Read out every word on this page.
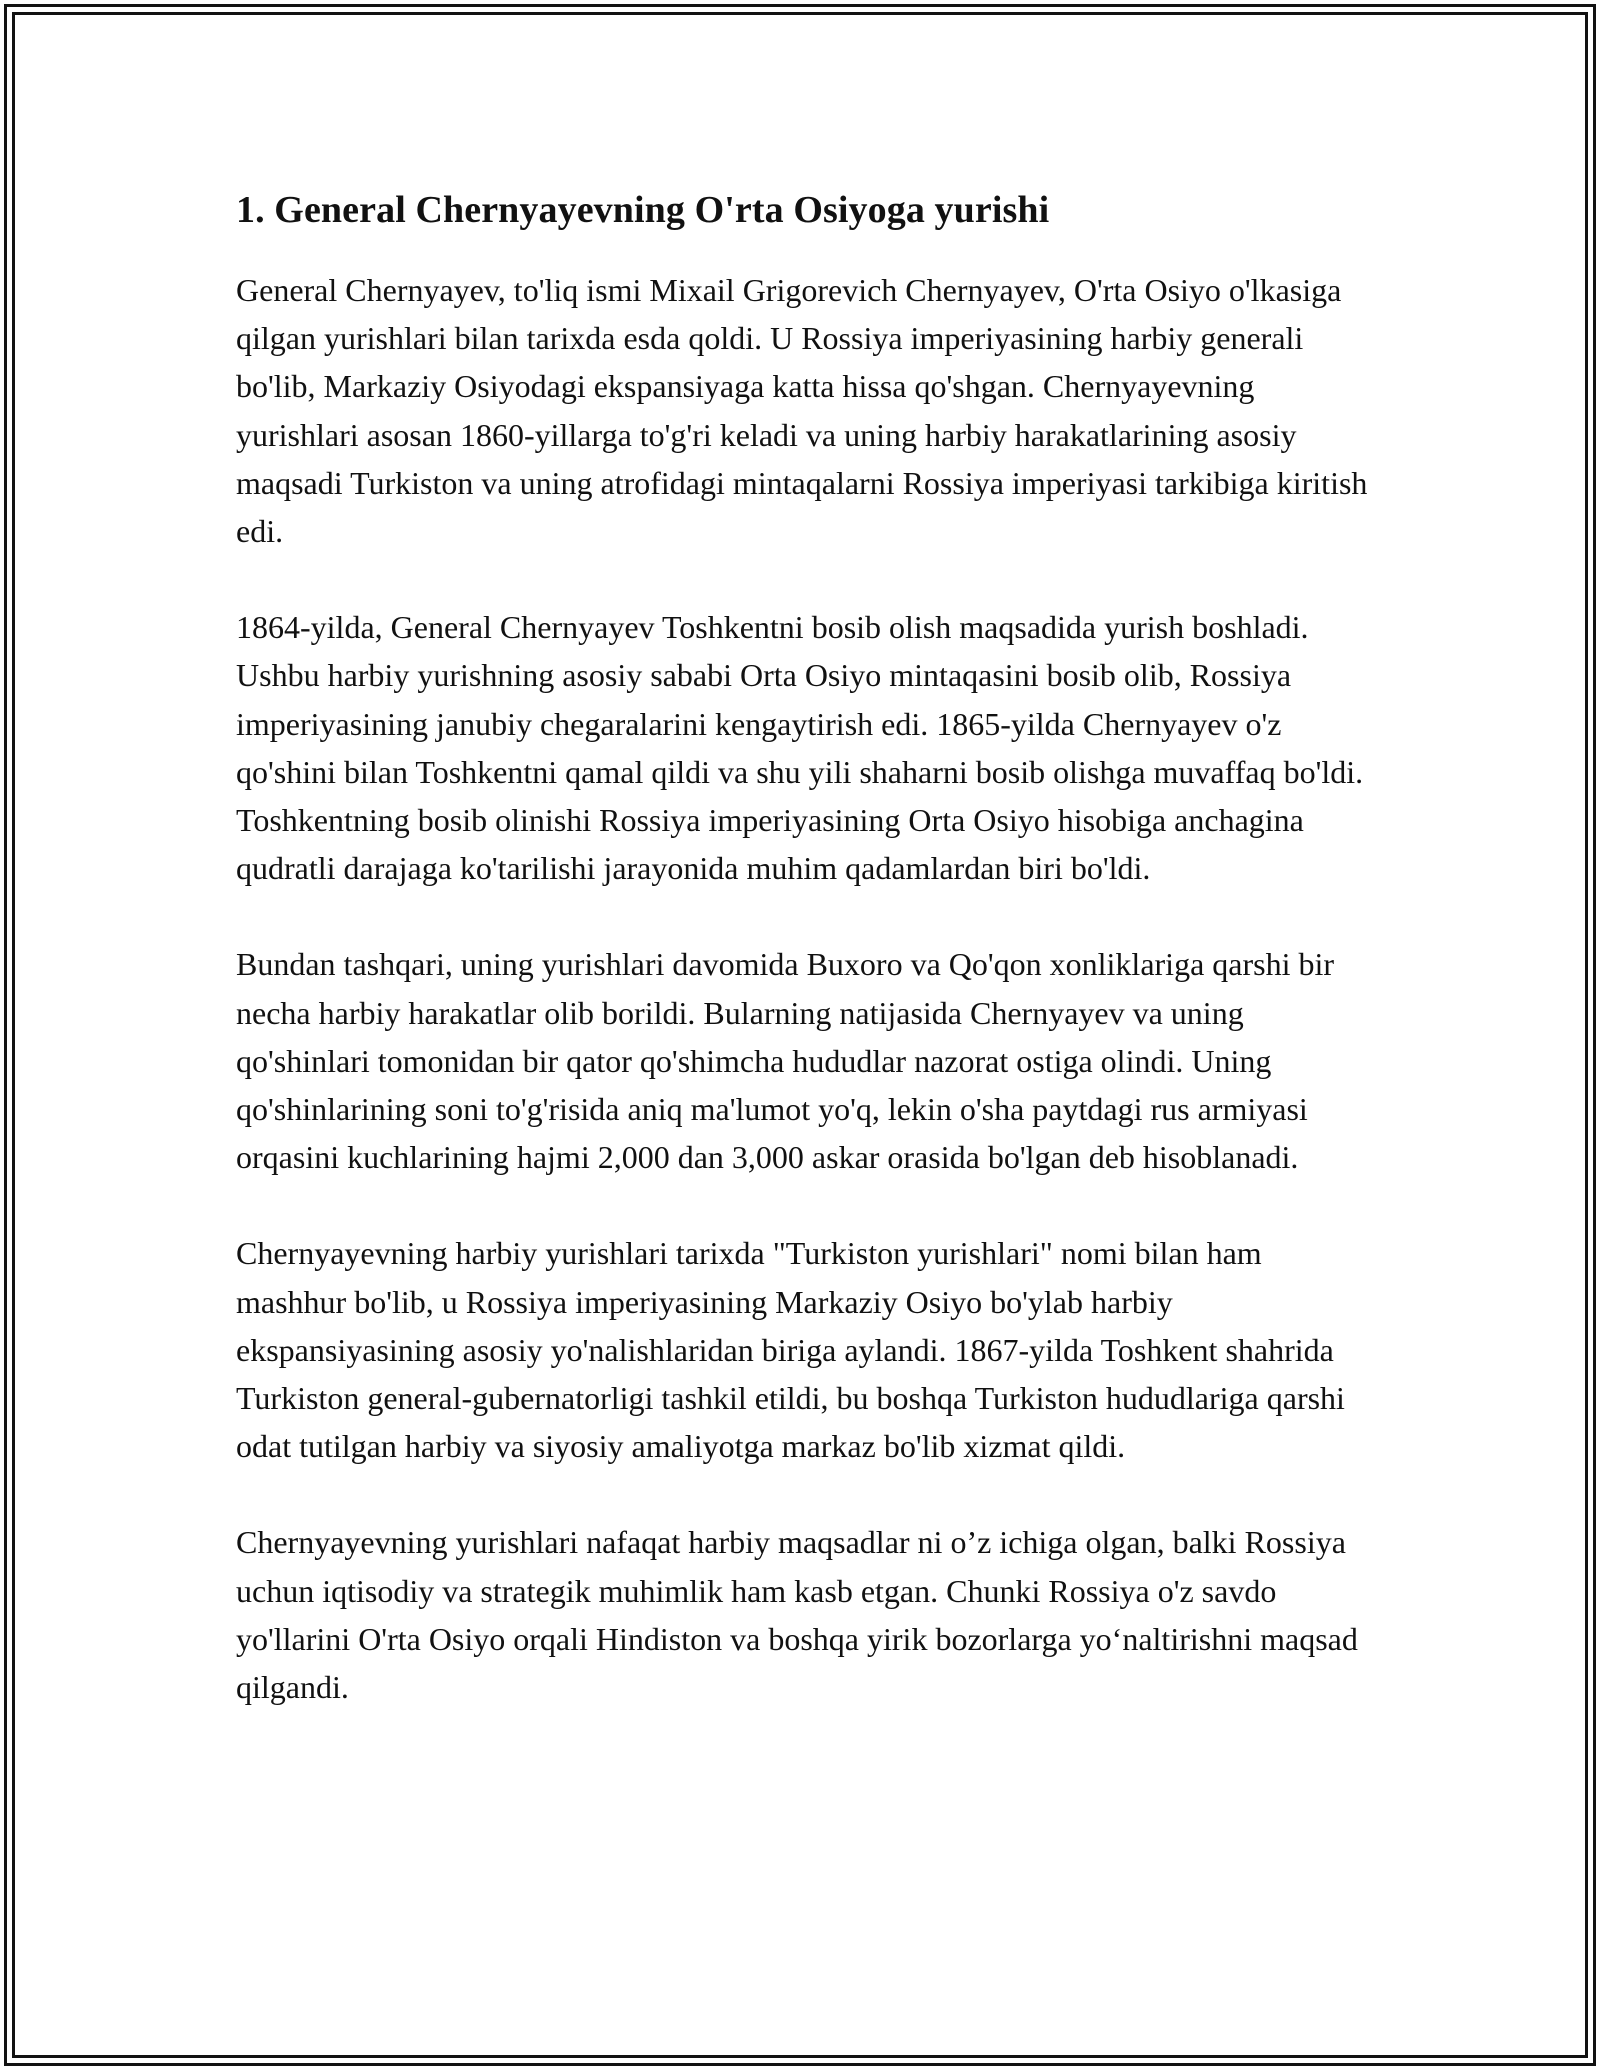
1. General Chernyayevning O'rta Osiyoga yurishi

General Chernyayev, to'liq ismi Mixail Grigorevich Chernyayev, O'rta Osiyo o'lkasiga qilgan yurishlari bilan tarixda esda qoldi. U Rossiya imperiyasining harbiy generali bo'lib, Markaziy Osiyodagi ekspansiyaga katta hissa qo'shgan. Chernyayevning yurishlari asosan 1860-yillarga to'g'ri keladi va uning harbiy harakatlarining asosiy maqsadi Turkiston va uning atrofidagi mintaqalarni Rossiya imperiyasi tarkibiga kiritish edi.

1864-yilda, General Chernyayev Toshkentni bosib olish maqsadida yurish boshladi. Ushbu harbiy yurishning asosiy sababi Orta Osiyo mintaqasini bosib olib, Rossiya imperiyasining janubiy chegaralarini kengaytirish edi. 1865-yilda Chernyayev o'z qo'shini bilan Toshkentni qamal qildi va shu yili shaharni bosib olishga muvaffaq bo'ldi. Toshkentning bosib olinishi Rossiya imperiyasining Orta Osiyo hisobiga anchagina qudratli darajaga ko'tarilishi jarayonida muhim qadamlardan biri bo'ldi.

Bundan tashqari, uning yurishlari davomida Buxoro va Qo'qon xonliklariga qarshi bir necha harbiy harakatlar olib borildi. Bularning natijasida Chernyayev va uning qo'shinlari tomonidan bir qator qo'shimcha hududlar nazorat ostiga olindi. Uning qo'shinlarining soni to'g'risida aniq ma'lumot yo'q, lekin o'sha paytdagi rus armiyasi orqasini kuchlarining hajmi 2,000 dan 3,000 askar orasida bo'lgan deb hisoblanadi.

Chernyayevning harbiy yurishlari tarixda "Turkiston yurishlari" nomi bilan ham mashhur bo'lib, u Rossiya imperiyasining Markaziy Osiyo bo'ylab harbiy ekspansiyasining asosiy yo'nalishlaridan biriga aylandi. 1867-yilda Toshkent shahrida Turkiston general-gubernatorligi tashkil etildi, bu boshqa Turkiston hududlariga qarshi odat tutilgan harbiy va siyosiy amaliyotga markaz bo'lib xizmat qildi.

Chernyayevning yurishlari nafaqat harbiy maqsadlar ni o’z ichiga olgan, balki Rossiya uchun iqtisodiy va strategik muhimlik ham kasb etgan. Chunki Rossiya o'z savdo yo'llarini O'rta Osiyo orqali Hindiston va boshqa yirik bozorlarga yo‘naltirishni maqsad qilgandi.
